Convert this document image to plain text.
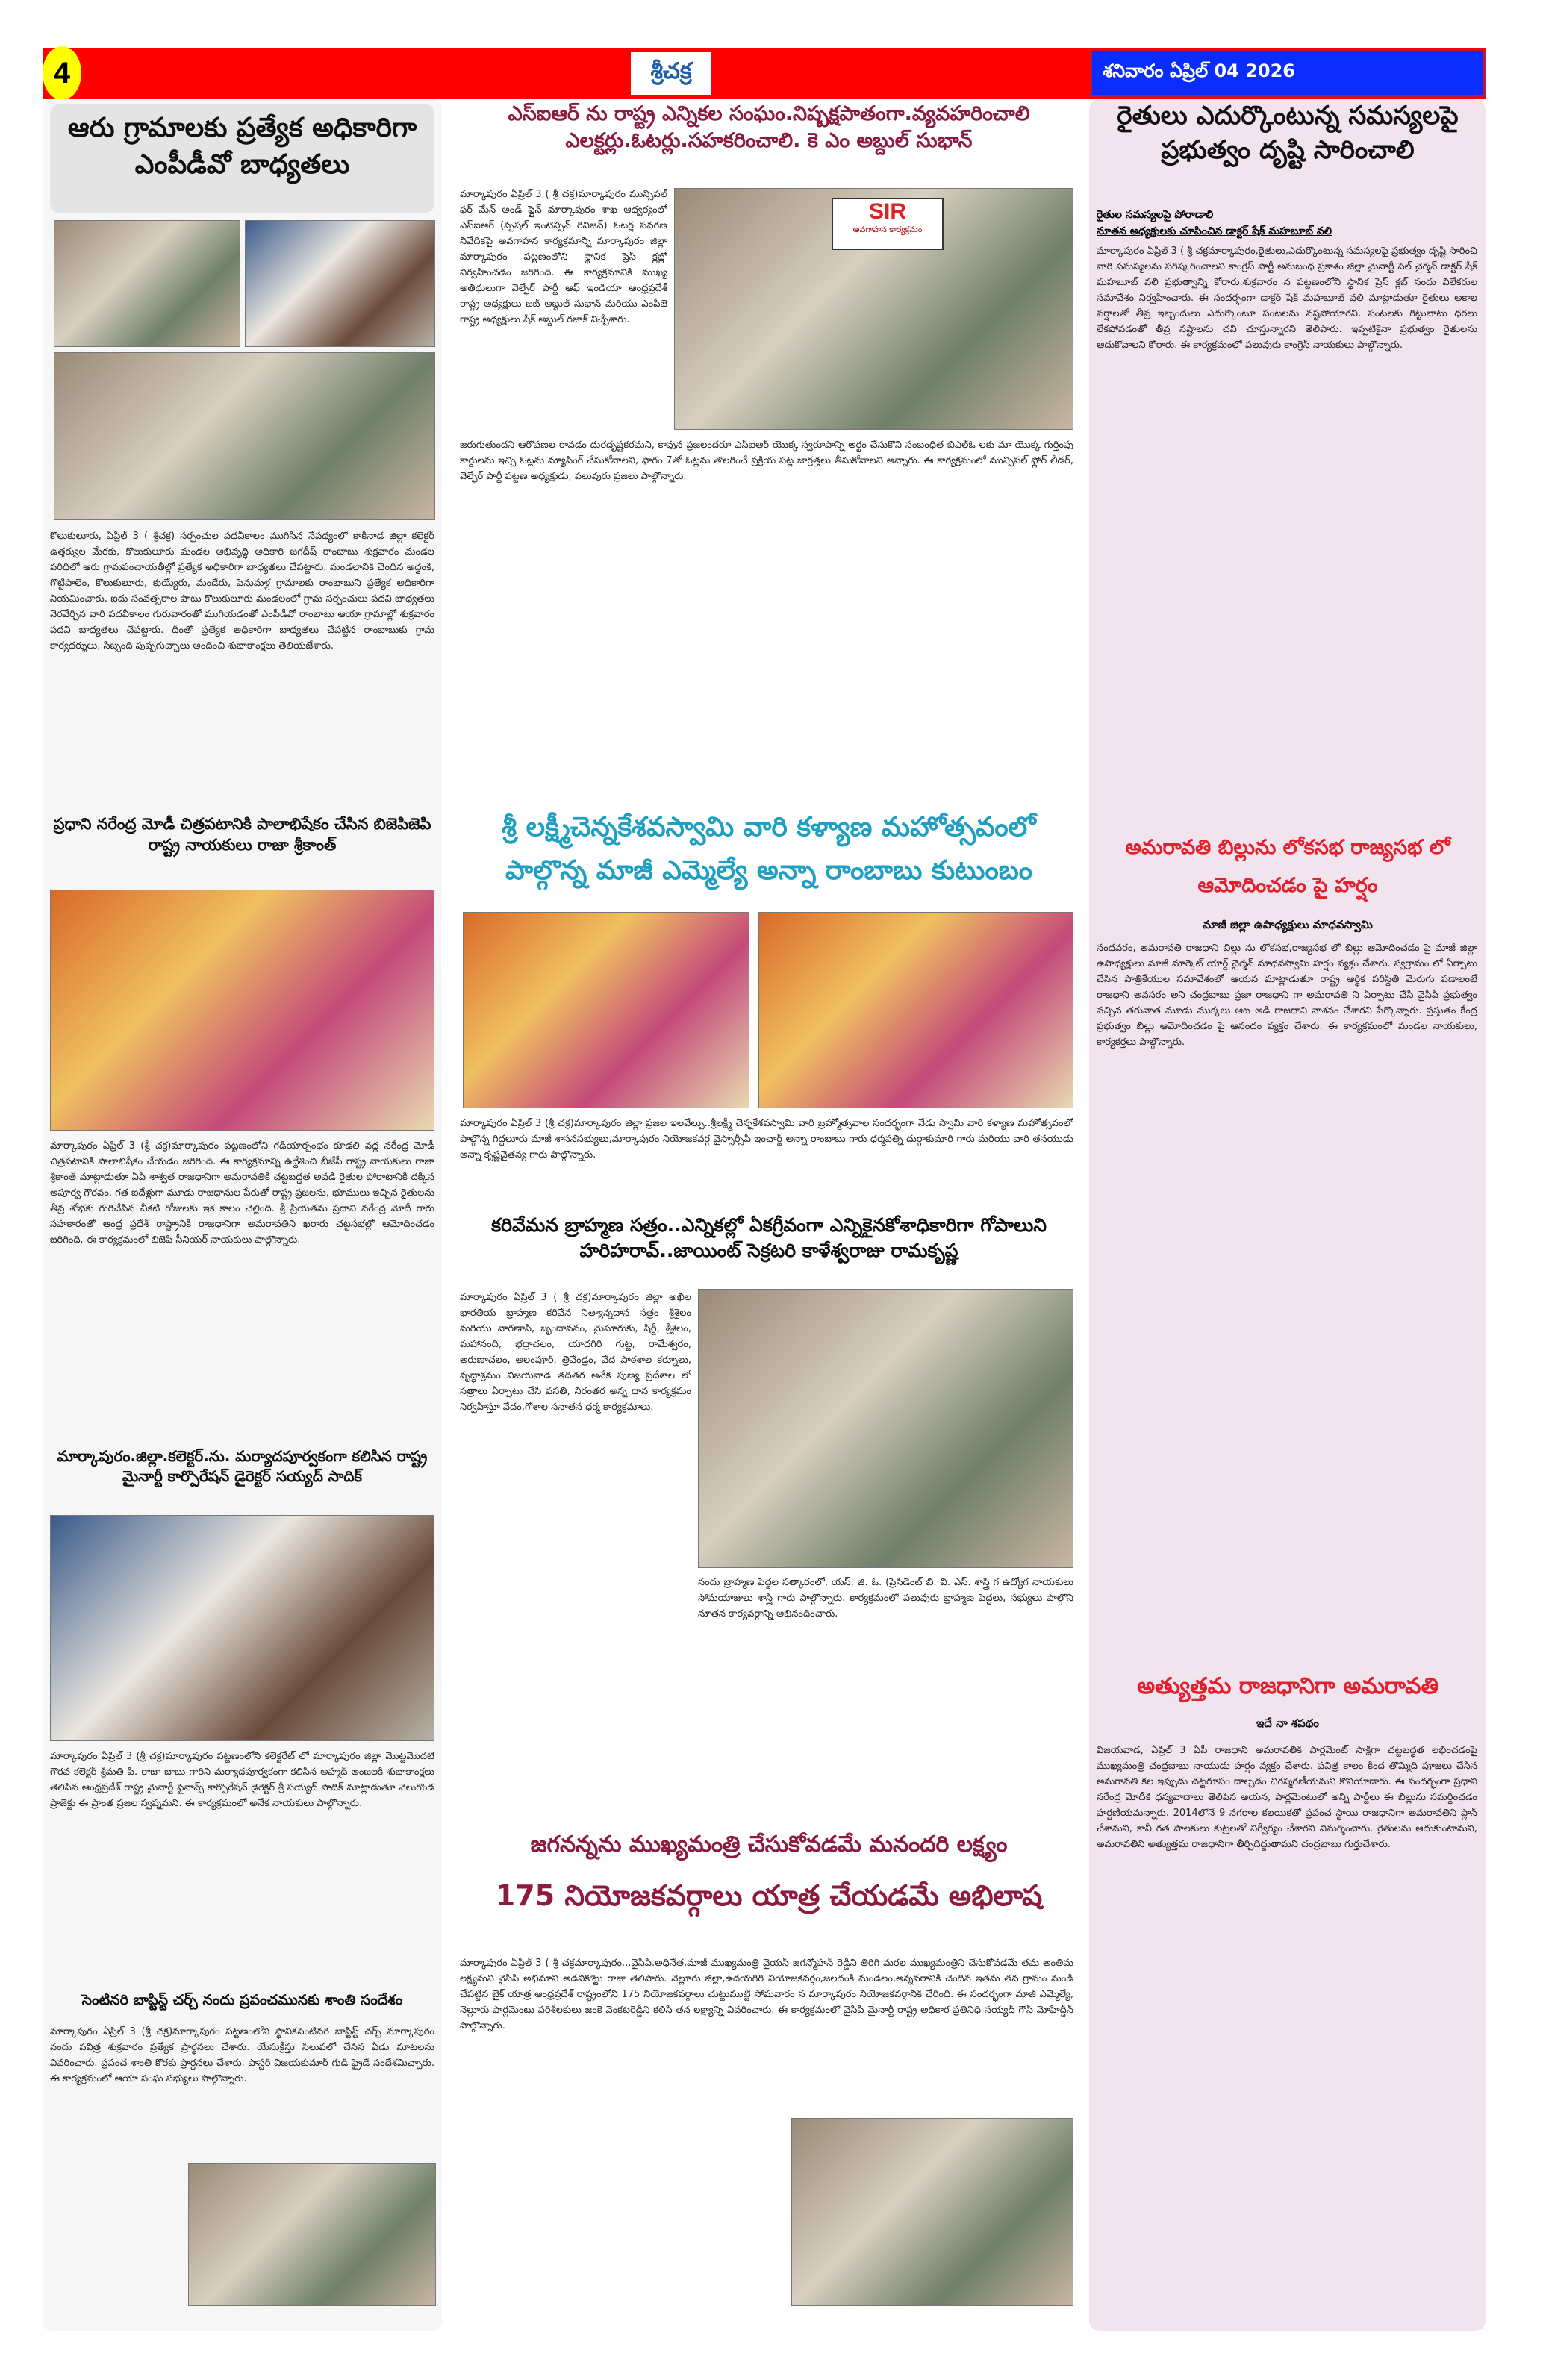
4	శ్రీచక్ర	శనివారం ఏప్రిల్ 04 2026
ఆరు గ్రామాలకు ప్రత్యేక అధికారిగా ఎంపీడీవో బాధ్యతలు
కొలుకులూరు, ఏప్రిల్ 3 ( శ్రీచక్ర) సర్పంచుల పదవీకాలం ముగిసిన నేపథ్యంలో కాకినాడ జిల్లా కలెక్టర్ ఉత్తర్వుల మేరకు, కొలుకులూరు మండల అభివృద్ధి అధికారి జగదీష్ రాంబాబు శుక్రవారం మండల పరిధిలో ఆరు గ్రామపంచాయతీల్లో ప్రత్యేక అధికారిగా బాధ్యతలు చేపట్టారు. మండలానికి చెందిన అద్దంకి, గొట్టిపాలెం, కొలుకులూరు, కుయ్యేరు, మండేరు, పెనుమళ్ల గ్రామాలకు రాంబాబుని ప్రత్యేక అధికారిగా నియమించారు. ఐదు సంవత్సరాల పాటు కొలుకులూరు మండలంలో గ్రామ సర్పంచులు పదవి బాధ్యతలు నెరవేర్చిన వారి పదవీకాలం గురువారంతో ముగియడంతో ఎంపీడీవో రాంబాబు ఆయా గ్రామాల్లో శుక్రవారం పదవి బాధ్యతలు చేపట్టారు. దీంతో ప్రత్యేక అధికారిగా బాధ్యతలు చేపట్టిన రాంబాబుకు గ్రామ కార్యదర్శులు, సిబ్బంది పుష్పగుచ్ఛాలు అందించి శుభాకాంక్షలు తెలియజేశారు.
ప్రధాని నరేంద్ర మోడీ చిత్రపటానికి పాలాభిషేకం చేసిన బిజెపిజెపి రాష్ట్ర నాయకులు రాజా శ్రీకాంత్
మార్కాపురం ఏప్రిల్ 3 (శ్రీ చక్ర)మార్కాపురం పట్టణంలోని గడియార్పంభం కూడలి వద్ద నరేంద్ర మోడీ చిత్రపటానికి పాలాభిషేకం చేయడం జరిగింది. ఈ కార్యక్రమాన్ని ఉద్దేశించి బీజేపీ రాష్ట్ర నాయకులు రాజా శ్రీకాంత్ మాట్లాడుతూ ఏపీ శాశ్వత రాజధానిగా అమరావతికి చట్టబద్ధత అవడి రైతుల పోరాటానికి దక్కిన అపూర్వ గౌరవం. గత ఐదేళ్లుగా మూడు రాజధానుల పేరుతో రాష్ట్ర ప్రజలను, భూములు ఇచ్చిన రైతులను తీవ్ర శోభకు గురిచేసిన చీకటి రోజులకు ఇక కాలం చెల్లింది. శ్రీ ప్రియతమ ప్రధాని నరేంద్ర మోదీ గారు సహకారంతో ఆంధ్ర ప్రదేశ్ రాష్ట్రానికి రాజధానిగా అమరావతిని ఖరారు చట్టసభల్లో ఆమోదించడం జరిగింది. ఈ కార్యక్రమంలో బిజెపి సీనియర్ నాయకులు పాల్గొన్నారు.
మార్కాపురం.జిల్లా.కలెక్టర్.ను. మర్యాదపూర్వకంగా కలిసిన రాష్ట్ర మైనార్టీ కార్పొరేషన్ డైరెక్టర్ సయ్యద్ సాదిక్
మార్కాపురం ఏప్రిల్ 3 (శ్రీ చక్ర)మార్కాపురం పట్టణంలోని కలెక్టరేట్ లో మార్కాపురం జిల్లా మొట్టమొదటి గౌరవ కలెక్టర్ శ్రీమతి పి. రాజా బాబు గారిని మర్యాదపూర్వకంగా కలిసిన అహ్మద్ అంజలకి శుభాకాంక్షలు తెలిపిన ఆంధ్రప్రదేశ్ రాష్ట్ర మైనార్టీ ఫైనాన్స్ కార్పొరేషన్ డైరెక్టర్ శ్రీ సయ్యద్ సాదిక్ మాట్లాడుతూ వెలుగొండ ప్రాజెక్టు ఈ ప్రాంత ప్రజల స్వప్నమని. ఈ కార్యక్రమంలో అనేక నాయకులు పాల్గొన్నారు.
సెంటినరి బాప్టిస్ట్ చర్చ్ నందు ప్రపంచమునకు శాంతి సందేశం
మార్కాపురం ఏప్రిల్ 3 (శ్రీ చక్ర)మార్కాపురం పట్టణంలోని స్థానికసెంటినరి బాప్టిస్ట్ చర్చ్ మార్కాపురం నందు పవిత్ర శుక్రవారం ప్రత్యేక ప్రార్థనలు చేశారు. యేసుక్రీస్తు సిలువలో చేసిన ఏడు మాటలను వివరించారు. ప్రపంచ శాంతి కొరకు ప్రార్థనలు చేశారు. పాస్టర్ విజయకుమార్ గుడ్ ఫ్రైడే సందేశమిచ్చారు. ఈ కార్యక్రమంలో ఆయా సంఘ సభ్యులు పాల్గొన్నారు.
ఎస్ఐఆర్ ను రాష్ట్ర ఎన్నికల సంఘం.నిష్పక్షపాతంగా.వ్యవహరించాలి ఎలక్టర్లు.ఓటర్లు.సహకరించాలి. కె ఎం అబ్దుల్ సుభాన్
మార్కాపురం ఏప్రిల్ 3 ( శ్రీ చక్ర)మార్కాపురం మున్సిపల్ ఫర్ మేన్ అండ్ ఫ్లైన్ మార్కాపురం శాఖ ఆధ్వర్యంలో ఎస్ఐఆర్ (స్పెషల్ ఇంటెన్సివ్ రివిజన్) ఓటర్ల సవరణ నివేదికపై అవగాహన కార్యక్రమాన్ని మార్కాపురం జిల్లా మార్కాపురం పట్టణంలోని స్థానిక ప్రెస్ క్లబ్లో నిర్వహించడం జరిగింది. ఈ కార్యక్రమానికి ముఖ్య అతిథులుగా వెల్ఫేర్ పార్టీ ఆఫ్ ఇండియా ఆంధ్రప్రదేశ్ రాష్ట్ర అధ్యక్షులు జబ్ అబ్దుల్ సుభాన్ మరియు ఎంపీజె రాష్ట్ర అధ్యక్షులు షేక్ అబ్దుల్ రజాక్ విచ్చేశారు.
SIR
అవగాహన కార్యక్రమం
జరుగుతుందని ఆరోపణల రావడం దురదృష్టకరమని, కావున ప్రజలందరూ ఎస్ఐఆర్ యొక్క స్వరూపాన్ని అర్థం చేసుకొని సంబంధిత బిఎల్ఓ లకు మా యొక్క గుర్తింపు కార్డులను ఇచ్చి ఓట్లను మ్యాపింగ్ చేసుకోవాలని, ఫారం 7తో ఓట్లను తొలగించే ప్రక్రియ పట్ల జాగ్రత్తలు తీసుకోవాలని అన్నారు. ఈ కార్యక్రమంలో మున్సిపల్ ఫ్లోర్ లీడర్, వెల్ఫేర్ పార్టీ పట్టణ అధ్యక్షుడు, పలువురు ప్రజలు పాల్గొన్నారు.
శ్రీ లక్ష్మీచెన్నకేశవస్వామి వారి కళ్యాణ మహోత్సవంలో పాల్గొన్న మాజీ ఎమ్మెల్యే అన్నా రాంబాబు కుటుంబం
మార్కాపురం ఏప్రిల్ 3 (శ్రీ చక్ర)మార్కాపురం జిల్లా ప్రజల ఇలవేల్పు..శ్రీలక్ష్మీ చెన్నకేశవస్వామి వారి బ్రహ్మోత్సవాల సందర్భంగా నేడు స్వామి వారి కళ్యాణ మహోత్సవంలో పాల్గొన్న గిద్దలూరు మాజీ శాసనసభ్యులు,మార్కాపురం నియోజకవర్గ వైస్సార్సీపీ ఇంచార్జ్ అన్నా రాంబాబు గారు ధర్మపత్ని దుర్గాకుమారి గారు మరియు వారి తనయుడు అన్నా కృష్ణచైతన్య గారు పాల్గొన్నారు.
కరివేమన బ్రాహ్మణ సత్రం..ఎన్నికల్లో ఏకగ్రీవంగా ఎన్నికైనకోశాధికారిగా గోపాలుని హరిహరావ్..జాయింట్ సెక్రటరి కాళేశ్వరాజు రామకృష్ణ
మార్కాపురం ఏప్రిల్ 3 ( శ్రీ చక్ర)మార్కాపురం జిల్లా అఖిల భారతీయ బ్రాహ్మణ కరివేన నిత్యాన్నదాన సత్రం శ్రీశైలం మరియు వారణాసి, బృందావనం, మైసూరుకు, షిర్డీ, శ్రీశైలం, మహానంది, భద్రాచలం, యాదగిరి గుట్ట, రామేశ్వరం, అరుణాచలం, అలంపూర్, త్రివేండ్రం, వేద పాఠశాల కర్నూలు, వృద్ధాశ్రమం విజయవాడ తదితర అనేక పుణ్య ప్రదేశాల లో సత్రాలు ఏర్పాటు చేసి వసతి, నిరంతర అన్న దాన కార్యక్రమం నిర్వహిస్తూ వేదం,గోశాల సనాతన ధర్మ కార్యక్రమాలు.
నందు బ్రాహ్మణ పెద్దల సత్కారంలో, యస్. జి. ఓ. (ప్రెసిడెంట్ బి. వి. ఎస్. శాస్త్రి గ ఉద్యోగ నాయకులు సోమయాజులు శాస్త్రి గారు పాల్గొన్నారు. కార్యక్రమంలో పలువురు బ్రాహ్మణ పెద్దలు, సభ్యులు పాల్గొని నూతన కార్యవర్గాన్ని అభినందించారు.
జగనన్నను ముఖ్యమంత్రి చేసుకోవడమే మనందరి లక్ష్యం
175 నియోజకవర్గాలు యాత్ర చేయడమే అభిలాష
మార్కాపురం ఏప్రిల్ 3 ( శ్రీ చక్రమార్కాపురం...వైసిపి.అధినేత,మాజీ ముఖ్యమంత్రి వైయస్ జగన్మోహన్ రెడ్డిని తిరిగి మరల ముఖ్యమంత్రిని చేసుకోవడమే తమ అంతిమ లక్ష్యమని వైసిపి అభిమాని అడవికొట్టు రాజు తెలిపారు. నెల్లూరు జిల్లా,ఉదయగిరి నియోజకవర్గం,జలదంకి మండలం,అన్నవరానికి చెందిన ఇతను తన గ్రామం నుండి చేపట్టిన బైక్ యాత్ర ఆంధ్రప్రదేశ్ రాష్ట్రంలోని 175 నియోజకవర్గాలు చుట్టుముట్టి సోమవారం న మార్కాపురం నియోజకవర్గానికి చేరింది. ఈ సందర్భంగా మాజీ ఎమ్మెల్యే, నెల్లూరు పార్లమెంటు పరిశీలకులు జంకె వెంకటరెడ్డిని కలిసి తన లక్ష్యాన్ని వివరించారు. ఈ కార్యక్రమంలో వైసిపి మైనార్టీ రాష్ట్ర అధికార ప్రతినిధి సయ్యద్ గౌస్ మోహిద్దీన్ పాల్గొన్నారు.
రైతులు ఎదుర్కొంటున్న సమస్యలపై ప్రభుత్వం దృష్టి సారించాలి
రైతుల సమస్యలపై పోరాడాలి
నూతన అధ్యక్షులకు చూపించిన డాక్టర్ షేక్ మహబూబ్ వలి
మార్కాపురం ఏప్రిల్ 3 ( శ్రీ చక్రమార్కాపురం,రైతులు,ఎదుర్కొంటున్న సమస్యలపై ప్రభుత్వం దృష్టి సారించి వారి సమస్యలను పరిష్కరించాలని కాంగ్రెస్ పార్టీ అనుబంధ ప్రకాశం జిల్లా మైనార్టీ సెల్ చైర్మన్ డాక్టర్ షేక్ మహబూబ్ వలి ప్రభుత్వాన్ని కోరారు.శుక్రవారం న పట్టణంలోని స్థానిక ప్రెస్ క్లబ్ నందు విలేకరుల సమావేశం నిర్వహించారు. ఈ సందర్భంగా డాక్టర్ షేక్ మహబూబ్ వలి మాట్లాడుతూ రైతులు అకాల వర్షాలతో తీవ్ర ఇబ్బందులు ఎదుర్కొంటూ పంటలను నష్టపోయారని, పంటలకు గిట్టుబాటు ధరలు లేకపోవడంతో తీవ్ర నష్టాలను చవి చూస్తున్నారని తెలిపారు. ఇప్పటికైనా ప్రభుత్వం రైతులను ఆదుకోవాలని కోరారు. ఈ కార్యక్రమంలో పలువురు కాంగ్రెస్ నాయకులు పాల్గొన్నారు.
అమరావతి బిల్లును లోకసభ రాజ్యసభ లో ఆమోదించడం పై హర్షం
మాజీ జిల్లా ఉపాధ్యక్షులు మాధవస్వామి
నందవరం, అమరావతి రాజధాని బిల్లు ను లోకసభ,రాజ్యసభ లో బిల్లు ఆమోదించడం పై మాజీ జిల్లా ఉపాధ్యక్షులు మాజీ మార్కెట్ యార్డ్ చైర్మన్ మాధవస్వామి హర్షం వ్యక్తం చేశారు. స్వగ్రామం లో ఏర్పాటు చేసిన పాత్రికేయుల సమావేశంలో ఆయన మాట్లాడుతూ రాష్ట్ర ఆర్థిక పరిస్థితి మెరుగు పడాలంటే రాజధాని అవసరం అని చంద్రబాబు ప్రజా రాజధాని గా అమరావతి ని ఏర్పాటు చేసి వైసీపీ ప్రభుత్వం వచ్చిన తరువాత మూడు ముక్కలు ఆట ఆడి రాజధాని నాశనం చేశారని పేర్కొన్నారు. ప్రస్తుతం కేంద్ర ప్రభుత్వం బిల్లు ఆమోదించడం పై ఆనందం వ్యక్తం చేశారు. ఈ కార్యక్రమంలో మండల నాయకులు, కార్యకర్తలు పాల్గొన్నారు.
అత్యుత్తమ రాజధానిగా అమరావతి
ఇదే నా శపథం
విజయవాడ, ఏప్రిల్ 3 ఏపీ రాజధాని అమరావతికి పార్లమెంట్ సాక్షిగా చట్టబద్ధత లభించడంపై ముఖ్యమంత్రి చంద్రబాబు నాయుడు హర్షం వ్యక్తం చేశారు. పవిత్ర కాలం కింద తొమ్మిది పూజలు చేసిన అమరావతి కల ఇప్పుడు చట్టరూపం దాల్చడం చిరస్మరణీయమని కొనియాడారు. ఈ సందర్భంగా ప్రధాని నరేంద్ర మోదీకి ధన్యవాదాలు తెలిపిన ఆయన, పార్లమెంటులో అన్ని పార్టీలు ఈ బిల్లును సమర్థించడం హర్షణీయమన్నారు. 2014లోనే 9 నగరాల కలయికతో ప్రపంచ స్థాయి రాజధానిగా అమరావతిని ప్లాన్ చేశామని, కానీ గత పాలకులు కుట్రలతో నిర్వీర్యం చేశారని విమర్శించారు. రైతులను ఆదుకుంటామని, అమరావతిని అత్యుత్తమ రాజధానిగా తీర్చిదిద్దుతామని చంద్రబాబు గుర్తుచేశారు.
